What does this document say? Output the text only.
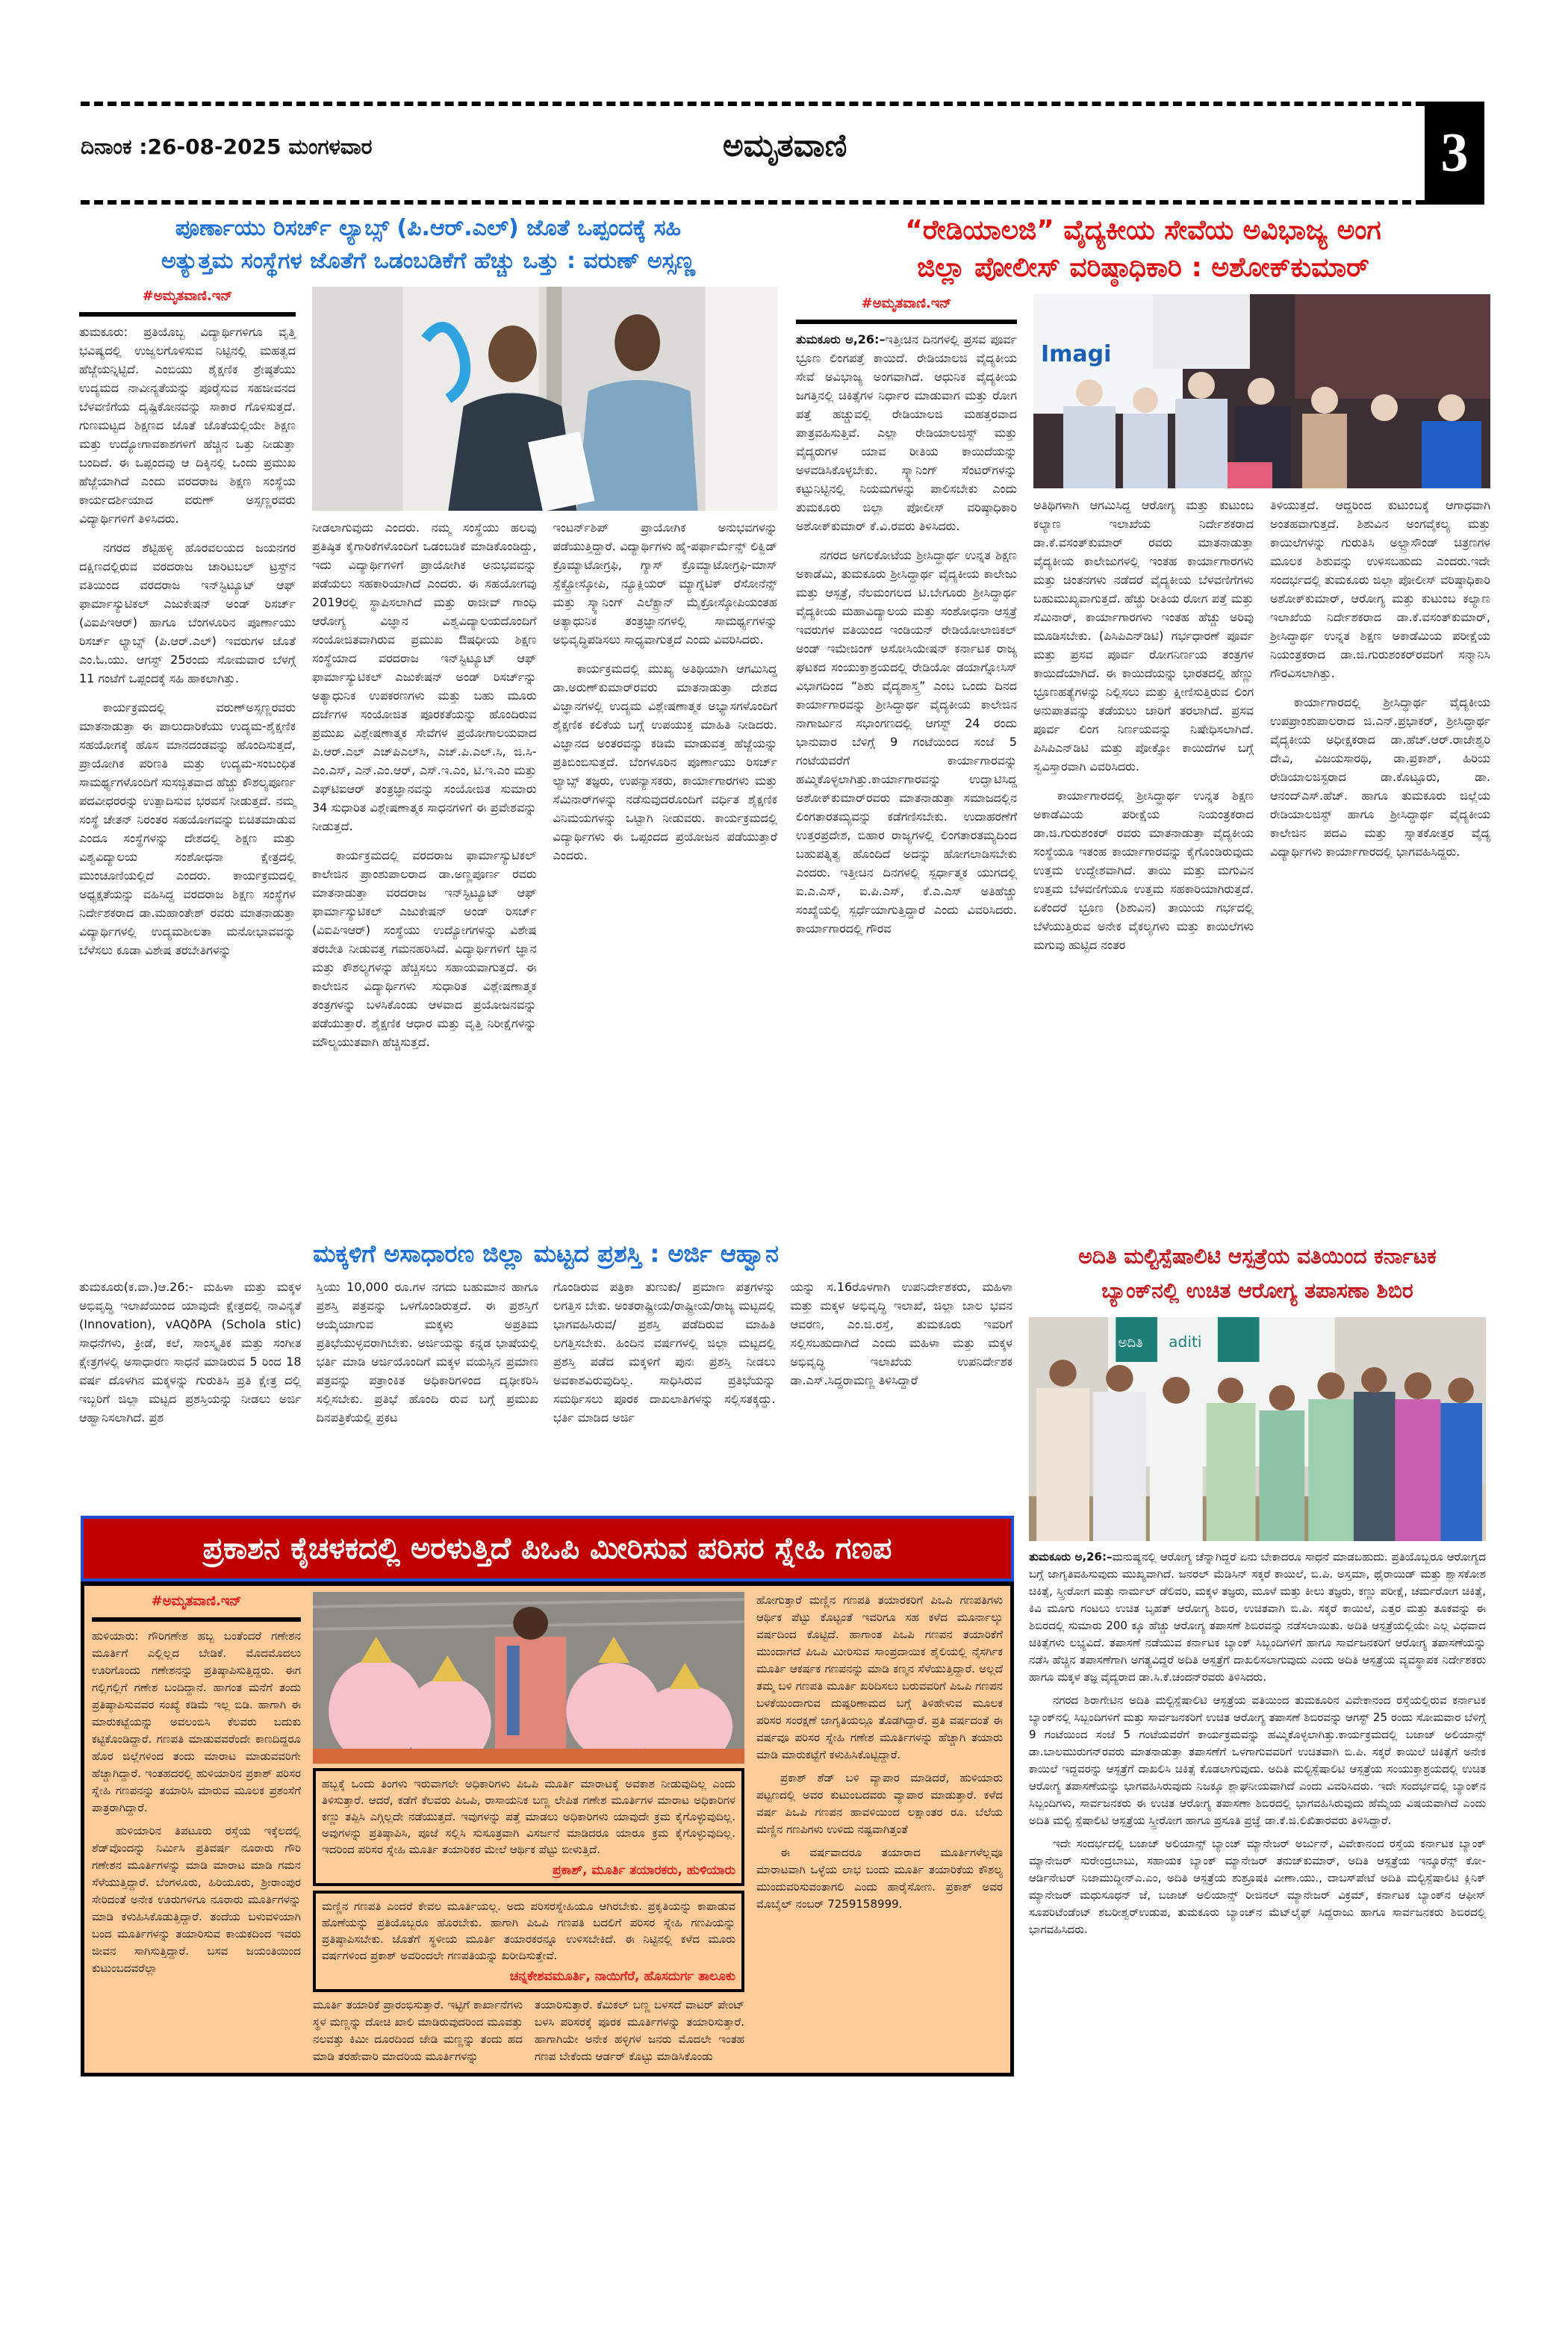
ದಿನಾಂಕ :26-08-2025 ಮಂಗಳವಾರ	ಅಮೃತವಾಣಿ	3
ಪೂರ್ಣಾಯು ರಿಸರ್ಚ್ ಲ್ಯಾಬ್ಸ್ (ಪಿ.ಆರ್.ಎಲ್) ಜೊತೆ ಒಪ್ಪಂದಕ್ಕೆ ಸಹಿ
ಅತ್ಯುತ್ತಮ ಸಂಸ್ಥೆಗಳ ಜೊತೆಗೆ ಒಡಂಬಡಿಕೆಗೆ ಹೆಚ್ಚು ಒತ್ತು : ವರುಣ್ ಅಸ್ಸಣ್ಣ
#ಅಮೃತವಾಣಿ.ಇನ್

ತುಮಕೂರು: ಪ್ರತಿಯೊಬ್ಬ ವಿದ್ಯಾರ್ಥಿಗಳಿಗೂ ವೃತ್ತಿ ಭವಿಷ್ಯದಲ್ಲಿ ಉಜ್ವಲಗೊಳಿಸುವ ನಿಟ್ಟಿನಲ್ಲಿ ಮಹತ್ವದ ಹೆಜ್ಜೆಯನ್ನಿಟ್ಟಿದೆ. ಎಂಬಿಯು ಶೈಕ್ಷಣಿಕ ಶ್ರೇಷ್ಠತೆಯು ಉದ್ಯಮದ ನಾವೀನ್ಯತೆಯನ್ನು ಪೂರೈಸುವ ಸಹಜೀವನದ ಬೆಳವಣಿಗೆಯ ದೃಷ್ಟಿಕೋನವನ್ನು ಸಾಕಾರ ಗೊಳಿಸುತ್ತದೆ. ಗುಣಮಟ್ಟದ ಶಿಕ್ಷಣದ ಜೊತೆ ಜೊತೆಯಲ್ಲಿಯೇ ಶಿಕ್ಷಣ ಮತ್ತು ಉದ್ಯೋಗಾವಕಾಶಗಳಿಗೆ ಹೆಚ್ಚಿನ ಒತ್ತು ನೀಡುತ್ತಾ ಬಂದಿದೆ. ಈ ಒಪ್ಪಂದವು ಆ ದಿಕ್ಕಿನಲ್ಲಿ ಒಂದು ಪ್ರಮುಖ ಹೆಜ್ಜೆಯಾಗಿದೆ ಎಂದು ವರದರಾಜ ಶಿಕ್ಷಣ ಸಂಸ್ಥೆಯ ಕಾರ್ಯದರ್ಶಿಯಾದ ವರುಣ್ ಅಸ್ಸಣ್ಣರವರು ವಿದ್ಯಾರ್ಥಿಗಳಿಗೆ ತಿಳಿಸಿದರು.

ನಗರದ ಶೆಟ್ಟಿಹಳ್ಳಿ ಹೊರವಲಯದ ಜಯನಗರ ದಕ್ಷಿಣದಲ್ಲಿರುವ ವರದರಾಜ ಚಾರಿಟಬಲ್ ಟ್ರಸ್ಟ್‌ನ ವತಿಯಿಂದ ವರದರಾಜ ಇನ್‌ಸ್ಟಿಟ್ಯೂಟ್ ಆಫ್ ಫಾರ್ಮಾಸ್ಯುಟಿಕಲ್ ಎಜುಕೇಷನ್ ಅಂಡ್ ರಿಸರ್ಚ್ (ವಿಐಪಿಇಆರ್) ಹಾಗೂ ಬೆಂಗಳೂರಿನ ಪೂರ್ಣಾಯು ರಿಸರ್ಚ್ ಲ್ಯಾಬ್ಸ್ (ಪಿ.ಆರ್.ಎಲ್) ಇವರುಗಳ ಜೊತೆ ಎಂ.ಓ.ಯು. ಆಗಸ್ಟ್ 25ರಂದು ಸೋಮವಾರ ಬೆಳಗ್ಗೆ 11 ಗಂಟೆಗೆ ಒಪ್ಪಂದಕ್ಕೆ ಸಹಿ ಹಾಕಲಾಗಿತ್ತು.

ಕಾರ್ಯಕ್ರಮದಲ್ಲಿ ವರುಣ್‌ಅಸ್ಸಣ್ಣರವರು ಮಾತನಾಡುತ್ತಾ ಈ ಪಾಲುದಾರಿಕೆಯು ಉದ್ಯಮ-ಶೈಕ್ಷಣಿಕ ಸಹಯೋಗಕ್ಕೆ ಹೊಸ ಮಾನದಂಡವನ್ನು ಹೊಂದಿಸುತ್ತದೆ, ಪ್ರಾಯೋಗಿಕ ಪರಿಣತಿ ಮತ್ತು ಉದ್ಯಮ-ಸಂಬಂಧಿತ ಸಾಮರ್ಥ್ಯಗಳೊಂದಿಗೆ ಸುಸಜ್ಜಿತವಾದ ಹೆಚ್ಚು ಕೌಶಲ್ಯಪೂರ್ಣ ಪದವೀಧರರನ್ನು ಉತ್ಪಾದಿಸುವ ಭರವಸೆ ನೀಡುತ್ತದೆ. ನಮ್ಮ ಸಂಸ್ಥೆ ಚೇತನ್ ನಿರಂತರ ಸಹಯೋಗವನ್ನು ಬಿಚಿತಮಾಡುವ ಎಂದೂ ಸಂಸ್ಥೆಗಳನ್ನು ದೇಶದಲ್ಲಿ ಶಿಕ್ಷಣ ಮತ್ತು ವಿಶ್ವವಿದ್ಯಾಲಯ ಸಂಶೋಧನಾ ಕ್ಷೇತ್ರದಲ್ಲಿ ಮುಂಚೂಣಿಯಲ್ಲಿದೆ ಎಂದರು. ಕಾರ್ಯಕ್ರಮದಲ್ಲಿ ಅಧ್ಯಕ್ಷತೆಯನ್ನು ವಹಿಸಿದ್ದ ವರದರಾಜ ಶಿಕ್ಷಣ ಸಂಸ್ಥೆಗಳ ನಿರ್ದೇಶಕರಾದ ಡಾ.ಮಹಾಂತೇಶ್ ರವರು ಮಾತನಾಡುತ್ತಾ ವಿದ್ಯಾರ್ಥಿಗಳಲ್ಲಿ ಉದ್ಯಮಶೀಲತಾ ಮನೋಭಾವವನ್ನು ಬೆಳೆಸಲು ಕೂಡಾ ವಿಶೇಷ ತರಬೇತಿಗಳನ್ನು

ನೀಡಲಾಗುವುದು ಎಂದರು. ನಮ್ಮ ಸಂಸ್ಥೆಯು ಹಲವು ಪ್ರತಿಷ್ಠಿತ ಕೈಗಾರಿಕೆಗಳೊಂದಿಗೆ ಒಡಂಬಡಿಕೆ ಮಾಡಿಕೊಂಡಿದ್ದು, ಇದು ವಿದ್ಯಾರ್ಥಿಗಳಿಗೆ ಪ್ರಾಯೋಗಿಕ ಅನುಭವವನ್ನು ಪಡೆಯಲು ಸಹಕಾರಿಯಾಗಿದೆ ಎಂದರು. ಈ ಸಹಯೋಗವು 2019ರಲ್ಲಿ ಸ್ಥಾಪಿಸಲಾಗಿದೆ ಮತ್ತು ರಾಜೀವ್ ಗಾಂಧಿ ಆರೋಗ್ಯ ವಿಜ್ಞಾನ ವಿಶ್ವವಿದ್ಯಾಲಯದೊಂದಿಗೆ ಸಂಯೋಜಿತವಾಗಿರುವ ಪ್ರಮುಖ ಔಷಧೀಯ ಶಿಕ್ಷಣ ಸಂಸ್ಥೆಯಾದ ವರದರಾಜ ಇನ್‌ಸ್ಟಿಟ್ಯೂಟ್ ಆಫ್ ಫಾರ್ಮಾಸ್ಯುಟಿಕಲ್ ಎಜುಕೇಷನ್ ಅಂಡ್ ರಿಸರ್ಚ್‌ನ್ನು ಅತ್ಯಾಧುನಿಕ ಉಪಕರಣಗಳು ಮತ್ತು ಬಹು ಮೂರು ದರ್ಜೆಗಳ ಸಂಯೋಜಿತ ಪೂರಕತೆಯನ್ನು ಹೊಂದಿರುವ ಪ್ರಮುಖ ವಿಶ್ಲೇಷಣಾತ್ಮಕ ಸೇವೆಗಳ ಪ್ರಯೋಗಾಲಯವಾದ ಪಿ.ಆರ್.ಎಲ್ ಎಚ್‌ಪಿಎಲ್‌ಸಿ, ಎಚ್.ಪಿ.ಎಲ್.ಸಿ, ಜಿ.ಸಿ-ಎಂ.ಎಸ್, ಎನ್.ಎಂ.ಆರ್, ಎಸ್.ಇ.ಎಂ, ಟಿ.ಇ.ಎಂ ಮತ್ತು ಎಫ್‌ಟಿಐಆರ್ ತಂತ್ರಜ್ಞಾನವನ್ನು ಸಂಯೋಜಿತ ಸುಮಾರು 34 ಸುಧಾರಿತ ವಿಶ್ಲೇಷಣಾತ್ಮಕ ಸಾಧನಗಳಿಗೆ ಈ ಪ್ರವೇಶವನ್ನು ನೀಡುತ್ತದೆ.

ಕಾರ್ಯಕ್ರಮದಲ್ಲಿ ವರದರಾಜ ಫಾರ್ಮಾಸ್ಯುಟಿಕಲ್ ಕಾಲೇಜಿನ ಪ್ರಾಂಶುಪಾಲರಾದ ಡಾ.ಅಣ್ಣಪೂರ್ಣ ರವರು ಮಾತನಾಡುತ್ತಾ ವರದರಾಜ ಇನ್‌ಸ್ಟಿಟ್ಯೂಟ್ ಆಫ್ ಫಾರ್ಮಾಸ್ಯುಟಿಕಲ್ ಎಜುಕೇಷನ್ ಅಂಡ್ ರಿಸರ್ಚ್ (ವಿಐಪಿಇಆರ್) ಸಂಸ್ಥೆಯು ಉದ್ಯೋಗಗಳನ್ನು ವಿಶೇಷ ತರಬೇತಿ ನೀಡುವತ್ತ ಗಮನಹರಿಸಿದೆ. ವಿದ್ಯಾರ್ಥಿಗಳಿಗೆ ಜ್ಞಾನ ಮತ್ತು ಕೌಶಲ್ಯಗಳನ್ನು ಹೆಚ್ಚಿಸಲು ಸಹಾಯವಾಗುತ್ತದೆ. ಈ ಕಾಲೇಜಿನ ವಿದ್ಯಾರ್ಥಿಗಳು ಸುಧಾರಿತ ವಿಶ್ಲೇಷಣಾತ್ಮಕ ತಂತ್ರಗಳನ್ನು ಬಳಸಿಕೊಂಡು ಆಳವಾದ ಪ್ರಯೋಜನವನ್ನು ಪಡೆಯುತ್ತಾರೆ. ಶೈಕ್ಷಣಿಕ ಆಧಾರ ಮತ್ತು ವೃತ್ತಿ ನಿರೀಕ್ಷೆಗಳನ್ನು ಮೌಲ್ಯಯುತವಾಗಿ ಹೆಚ್ಚಿಸುತ್ತದೆ.

ಇಂಟರ್ನ್‌ಶಿಪ್ ಪ್ರಾಯೋಗಿಕ ಅನುಭವಗಳನ್ನು ಪಡೆಯುತ್ತಿದ್ದಾರೆ. ವಿದ್ಯಾರ್ಥಿಗಳು ಹೈ-ಪರ್ಫಾರ್ಮೆನ್ಸ್ ಲಿಕ್ವಿಡ್ ಕ್ರೊಮ್ಯಾಟೋಗ್ರಫಿ, ಗ್ಯಾಸ್ ಕ್ರೊಮ್ಯಾಟೋಗ್ರಫಿ-ಮಾಸ್ ಸ್ಪೆಕ್ಟ್ರೋಸ್ಕೋಪಿ, ನ್ಯೂಕ್ಲಿಯರ್ ಮ್ಯಾಗ್ನೆಟಿಕ್ ರೆಸೋನೆನ್ಸ್ ಮತ್ತು ಸ್ಕ್ಯಾನಿಂಗ್ ಎಲೆಕ್ಟ್ರಾನ್ ಮೈಕ್ರೋಸ್ಕೋಪಿಯಂತಹ ಅತ್ಯಾಧುನಿಕ ತಂತ್ರಜ್ಞಾನಗಳಲ್ಲಿ ಸಾಮರ್ಥ್ಯಗಳನ್ನು ಅಭಿವೃದ್ಧಿಪಡಿಸಲು ಸಾಧ್ಯವಾಗುತ್ತದೆ ಎಂದು ವಿವರಿಸಿದರು.

ಕಾರ್ಯಕ್ರಮದಲ್ಲಿ ಮುಖ್ಯ ಅತಿಥಿಯಾಗಿ ಆಗಮಿಸಿದ್ದ ಡಾ.ಅರುಣ್‌ಕುಮಾರ್‌ರವರು ಮಾತನಾಡುತ್ತಾ ದೇಶದ ವಿಜ್ಞಾನಗಳಲ್ಲಿ ಉದ್ಯಮ ವಿಶ್ಲೇಷಣಾತ್ಮಕ ಅಭ್ಯಾಸಗಳೊಂದಿಗೆ ಶೈಕ್ಷಣಿಕ ಕಲಿಕೆಯ ಬಗ್ಗೆ ಉಪಯುಕ್ತ ಮಾಹಿತಿ ನೀಡಿದರು. ವಿಜ್ಞಾನದ ಅಂತರವನ್ನು ಕಡಿಮೆ ಮಾಡುವತ್ತ ಹೆಜ್ಜೆಯನ್ನು ಪ್ರತಿಬಿಂಬಿಸುತ್ತದೆ. ಬೆಂಗಳೂರಿನ ಪೂರ್ಣಾಯು ರಿಸರ್ಚ್ ಲ್ಯಾಬ್ಸ್ ತಜ್ಞರು, ಉಪನ್ಯಾಸಕರು, ಕಾರ್ಯಾಗಾರಗಳು ಮತ್ತು ಸೆಮಿನಾರ್‌ಗಳನ್ನು ನಡೆಸುವುದರೊಂದಿಗೆ ವರ್ಧಿತ ಶೈಕ್ಷಣಿಕ ವಿನಿಮಯಗಳನ್ನು ಒಟ್ಟಾಗಿ ನೀಡುವರು. ಕಾರ್ಯಕ್ರಮದಲ್ಲಿ ವಿದ್ಯಾರ್ಥಿಗಳು ಈ ಒಪ್ಪಂದದ ಪ್ರಯೋಜನ ಪಡೆಯುತ್ತಾರೆ ಎಂದರು.

“ರೇಡಿಯಾಲಜಿ” ವೈದ್ಯಕೀಯ ಸೇವೆಯ ಅವಿಭಾಜ್ಯ ಅಂಗ
ಜಿಲ್ಲಾ ಪೋಲೀಸ್ ವರಿಷ್ಠಾಧಿಕಾರಿ : ಅಶೋಕ್‌ಕುಮಾರ್
#ಅಮೃತವಾಣಿ.ಇನ್

ತುಮಕೂರು ಅ,26:–ಇತ್ತೀಚಿನ ದಿನಗಳಲ್ಲಿ ಪ್ರಸವ ಪೂರ್ವ ಭ್ರೂಣ ಲಿಂಗಪತ್ತೆ ಕಾಯಿದೆ. ರೇಡಿಯಾಲಜಿ ವೈದ್ಯಕೀಯ ಸೇವೆ ಅವಿಭಾಜ್ಯ ಅಂಗವಾಗಿದೆ. ಆಧುನಿಕ ವೈದ್ಯಕೀಯ ಜಗತ್ತಿನಲ್ಲಿ ಚಿಕಿತ್ಸೆಗಳ ನಿರ್ಧಾರ ಮಾಡುವಾಗ ಮತ್ತು ರೋಗ ಪತ್ತೆ ಹಚ್ಚುವಲ್ಲಿ ರೇಡಿಯಾಲಜಿ ಮಹತ್ತರವಾದ ಪಾತ್ರವಹಿಸುತ್ತಿವೆ. ಎಲ್ಲಾ ರೇಡಿಯಾಲಜಿಸ್ಟ್ ಮತ್ತು ವೈದ್ಯರುಗಳ ಯಾವ ರೀತಿಯ ಕಾಯಿದೆಯನ್ನು ಅಳವಡಿಸಿಕೊಳ್ಳಬೇಕು. ಸ್ಕ್ಯಾನಿಂಗ್ ಸೆಂಟರ್‌ಗಳನ್ನು ಕಟ್ಟುನಿಟ್ಟಿನಲ್ಲಿ ನಿಯಮಗಳನ್ನು ಪಾಲಿಸಬೇಕು ಎಂದು ತುಮಕೂರು ಜಿಲ್ಲಾ ಪೋಲೀಸ್ ವರಿಷ್ಠಾಧಿಕಾರಿ ಅಶೋಕ್‌ಕುಮಾರ್ ಕೆ.ವಿ.ರವರು ತಿಳಿಸಿದರು.

ನಗರದ ಅಗಲಕೋಟೆಯ ಶ್ರೀಸಿದ್ಧಾರ್ಥ ಉನ್ನತ ಶಿಕ್ಷಣ ಅಕಾಡೆಮಿ, ತುಮಕೂರು ಶ್ರೀಸಿದ್ಧಾರ್ಥ ವೈದ್ಯಕೀಯ ಕಾಲೇಜು ಮತ್ತು ಆಸ್ಪತ್ರೆ, ನೆಲಮಂಗಲದ ಟಿ.ಬೇಗೂರು ಶ್ರೀಸಿದ್ಧಾರ್ಥ ವೈದ್ಯಕೀಯ ಮಹಾವಿದ್ಯಾಲಯ ಮತ್ತು ಸಂಶೋಧನಾ ಆಸ್ಪತ್ರೆ ಇವರುಗಳ ವತಿಯಿಂದ ಇಂಡಿಯನ್ ರೇಡಿಯೋಲಾಜಿಕಲ್ ಅಂಡ್ ಇಮೇಜಿಂಗ್ ಅಸೋಸಿಯೇಷನ್ ಕರ್ನಾಟಕ ರಾಜ್ಯ ಘಟಕದ ಸಂಯುಕ್ತಾಶ್ರಯದಲ್ಲಿ ರೇಡಿಯೋ ಡಯಾಗ್ನೋಸಿಸ್ ವಿಭಾಗದಿಂದ “ಶಿಶು ವೈದ್ಯಶಾಸ್ತ್ರ” ಎಂಬ ಒಂದು ದಿನದ ಕಾರ್ಯಾಗಾರವನ್ನು ಶ್ರೀಸಿದ್ಧಾರ್ಥ ವೈದ್ಯಕೀಯ ಕಾಲೇಜಿನ ನಾಗಾರ್ಜುನ ಸಭಾಂಗಣದಲ್ಲಿ ಆಗಸ್ಟ್ 24 ರಂದು ಭಾನುವಾರ ಬೆಳಿಗ್ಗೆ 9 ಗಂಟೆಯಿಂದ ಸಂಜೆ 5 ಗಂಟೆಯವರೆಗೆ ಕಾರ್ಯಾಗಾರವನ್ನು ಹಮ್ಮಿಕೊಳ್ಳಲಾಗಿತ್ತು.ಕಾರ್ಯಾಗಾರವನ್ನು ಉದ್ಘಾಟಿಸಿದ್ದ ಅಶೋಕ್‌ಕುಮಾರ್‌ರವರು ಮಾತನಾಡುತ್ತಾ ಸಮಾಜದಲ್ಲಿನ ಲಿಂಗತಾರತಮ್ಯವನ್ನು ಕಡೆಗಣಿಸಬೇಕು. ಉದಾಹರಣೆಗೆ ಉತ್ತರಪ್ರದೇಶ, ಬಿಹಾರ ರಾಜ್ಯಗಳಲ್ಲಿ ಲಿಂಗತಾರತಮ್ಯದಿಂದ ಬಹುಪತ್ನಿತ್ವ ಹೊಂದಿದೆ ಅದನ್ನು ಹೋಗಲಾಡಿಸಬೇಕು ಎಂದರು. ಇತ್ತೀಚಿನ ದಿನಗಳಲ್ಲಿ ಸ್ಪರ್ಧಾತ್ಮಕ ಯುಗದಲ್ಲಿ ಐ.ಎ.ಎಸ್, ಐ.ಪಿ.ಎಸ್, ಕೆ.ಎ.ಎಸ್ ಅತಿಹೆಚ್ಚು ಸಂಖ್ಯೆಯಲ್ಲಿ ಸ್ಪರ್ಧೆಯಾಗುತ್ತಿದ್ದಾರೆ ಎಂದು ವಿವರಿಸಿದರು. ಕಾರ್ಯಾಗಾರದಲ್ಲಿ ಗೌರವ

Imagi

ಅತಿಥಿಗಳಾಗಿ ಆಗಮಿಸಿದ್ದ ಆರೋಗ್ಯ ಮತ್ತು ಕುಟುಂಬ ಕಲ್ಯಾಣ ಇಲಾಖೆಯ ನಿರ್ದೇಶಕರಾದ ಡಾ.ಕೆ.ವಸಂತ್‌ಕುಮಾರ್ ರವರು ಮಾತನಾಡುತ್ತಾ ವೈದ್ಯಕೀಯ ಕಾಲೇಜುಗಳಲ್ಲಿ ಇಂತಹ ಕಾರ್ಯಾಗಾರಗಳು ಮತ್ತು ಚಿಂತನಗಳು ನಡೆದರೆ ವೈದ್ಯಕೀಯ ಬೆಳವಣಿಗೆಗಳು ಬಹುಮುಖ್ಯವಾಗುತ್ತದೆ. ಹೆಚ್ಚು ರೀತಿಯ ರೋಗ ಪತ್ತೆ ಮತ್ತು ಸೆಮಿನಾರ್, ಕಾರ್ಯಾಗಾರಗಳು ಇಂತಹ ಹೆಚ್ಚು ಅರಿವು ಮೂಡಿಸಬೇಕು. (ಪಿಸಿಪಿಎನ್‌ಡಿಟಿ) ಗರ್ಭಧಾರಣೆ ಪೂರ್ವ ಮತ್ತು ಪ್ರಸವ ಪೂರ್ವ ರೋಗನಿರ್ಣಯ ತಂತ್ರಗಳ ಕಾಯಿದೆಯಾಗಿದೆ. ಈ ಕಾಯಿದೆಯನ್ನು ಭಾರತದಲ್ಲಿ ಹೆಣ್ಣು ಭ್ರೂಣಹತ್ಯೆಗಳನ್ನು ನಿಲ್ಲಿಸಲು ಮತ್ತು ಕ್ಷೀಣಿಸುತ್ತಿರುವ ಲಿಂಗ ಅನುಪಾತವನ್ನು ತಡೆಯಲು ಜಾರಿಗೆ ತರಲಾಗಿದೆ. ಪ್ರಸವ ಪೂರ್ವ ಲಿಂಗ ನಿರ್ಣಯವನ್ನು ನಿಷೇಧಿಸಲಾಗಿದೆ. ಪಿಸಿಪಿಎನ್‌ಡಿಟಿ ಮತ್ತು ಪೋಕ್ಸೋ ಕಾಯಿದೆಗಳ ಬಗ್ಗೆ ಸ್ವವಿಸ್ತಾರವಾಗಿ ವಿವರಿಸಿದರು.

ಕಾರ್ಯಾಗಾರದಲ್ಲಿ ಶ್ರೀಸಿದ್ಧಾರ್ಥ ಉನ್ನತ ಶಿಕ್ಷಣ ಅಕಾಡೆಮಿಯ ಪರೀಕ್ಷೆಯ ನಿಯಂತ್ರಕರಾದ ಡಾ.ಜಿ.ಗುರುಶಂಕರ್ ರವರು ಮಾತನಾಡುತ್ತಾ ವೈದ್ಯಕೀಯ ಸಂಸ್ಥೆಯೂ ಇತಂಹ ಕಾರ್ಯಾಗಾರವನ್ನು ಕೈಗೊಂಡಿರುವುದು ಉತ್ತಮ ಉದ್ದೇಶವಾಗಿದೆ. ತಾಯಿ ಮತ್ತು ಮಗುವಿನ ಉತ್ತಮ ಬೆಳವಣಿಗೆಯೂ ಉತ್ತಮ ಸಹಕಾರಿಯಾಗಿರುತ್ತದೆ. ಏಕೆಂದರೆ ಭ್ರೂಣ (ಶಿಶುವಿನ) ತಾಯಿಯ ಗರ್ಭದಲ್ಲಿ ಬೆಳೆಯುತ್ತಿರುವ ಅನೇಕ ವೈಕಲ್ಯಗಳು ಮತ್ತು ಕಾಯಿಲೆಗಳು ಮಗುವು ಹುಟ್ಟಿದ ನಂತರ

ತಿಳಿಯುತ್ತದೆ. ಆದ್ದರಿಂದ ಕುಟುಂಬಕ್ಕೆ ಆಗಾಧವಾಗಿ ಅಂತಹವಾಗುತ್ತದೆ. ಶಿಶುವಿನ ಅಂಗವೈಕಲ್ಯ ಮತ್ತು ಕಾಯಿಲೆಗಳನ್ನು ಗುರುತಿಸಿ ಅಲ್ಟ್ರಾಸೌಂಡ್ ಚಿತ್ರಣಗಳ ಮೂಲಕ ಶಿಶುವನ್ನು ಉಳಿಸಬಹುದು ಎಂದರು.ಇದೇ ಸಂದರ್ಭದಲ್ಲಿ ತುಮಕೂರು ಜಿಲ್ಲಾ ಪೋಲೀಸ್ ವರಿಷ್ಠಾಧಿಕಾರಿ ಅಶೋಕ್‌ಕುಮಾರ್, ಆರೋಗ್ಯ ಮತ್ತು ಕುಟುಂಬ ಕಲ್ಯಾಣ ಇಲಾಖೆಯ ನಿರ್ದೇಶಕರಾದ ಡಾ.ಕೆ.ವಸಂತ್‌ಕುಮಾರ್, ಶ್ರೀಸಿದ್ಧಾರ್ಥ ಉನ್ನತ ಶಿಕ್ಷಣ ಅಕಾಡೆಮಿಯ ಪರೀಕ್ಷೆಯ ನಿಯಂತ್ರಕರಾದ ಡಾ.ಜಿ.ಗುರುಶಂಕರ್‌ರವರಿಗೆ ಸನ್ಮಾನಿಸಿ ಗೌರವಿಸಲಾಗಿತ್ತು.

ಕಾರ್ಯಾಗಾರದಲ್ಲಿ ಶ್ರೀಸಿದ್ಧಾರ್ಥ ವೈದ್ಯಕೀಯ ಉಪಪ್ರಾಂಶುಪಾಲರಾದ ಜಿ.ಎನ್.ಪ್ರಭಾಕರ್, ಶ್ರೀಸಿದ್ಧಾರ್ಥ ವೈದ್ಯಕೀಯ ಅಧೀಕ್ಷಕರಾದ ಡಾ.ಹೆಚ್.ಆರ್.ರಾಜೇಶ್ವರಿ ದೇವಿ, ವಿಜಯಸಾರಥಿ, ಡಾ.ಪ್ರಕಾಶ್, ಹಿರಿಯ ರೇಡಿಯಾಲಜಿಸ್ಟರಾದ ಡಾ.ಕೊಟ್ಟೂರು, ಡಾ. ಆನಂದ್‌ಎಸ್.ಹೆಚ್. ಹಾಗೂ ತುಮಕೂರು ಜಿಲ್ಲೆಯ ರೇಡಿಯಾಲಜಿಸ್ಟ್ ಹಾಗೂ ಶ್ರೀಸಿದ್ಧಾರ್ಥ ವೈದ್ಯಕೀಯ ಕಾಲೇಜಿನ ಪದವಿ ಮತ್ತು ಸ್ನಾತಕೋತ್ತರ ವೈದ್ಯ ವಿದ್ಯಾರ್ಥಿಗಳು ಕಾರ್ಯಾಗಾರದಲ್ಲಿ ಭಾಗವಹಿಸಿದ್ದರು.

ಮಕ್ಕಳಿಗೆ ಅಸಾಧಾರಣ ಜಿಲ್ಲಾ ಮಟ್ಟದ ಪ್ರಶಸ್ತಿ : ಅರ್ಜಿ ಆಹ್ವಾನ
ತುಮಕೂರು(ಕ.ವಾ.)ಆ.26:- ಮಹಿಳಾ ಮತ್ತು ಮಕ್ಕಳ ಅಭಿವೃದ್ಧಿ ಇಲಾಖೆಯಿಂದ ಯಾವುದೇ ಕ್ಷೇತ್ರದಲ್ಲಿ ನಾವಿನ್ಯತೆ (Innovation), vAQðPA (Schola stic) ಸಾಧನೆಗಳು, ಕ್ರೀಡೆ, ಕಲೆ, ಸಾಂಸ್ಕೃತಿಕ ಮತ್ತು ಸಂಗೀತ ಕ್ಷೇತ್ರಗಳಲ್ಲಿ ಅಸಾಧಾರಣ ಸಾಧನೆ ಮಾಡಿರುವ 5 ರಿಂದ 18 ವರ್ಷ ದೊಳಗಿನ ಮಕ್ಕಳನ್ನು ಗುರುತಿಸಿ ಪ್ರತಿ ಕ್ಷೇತ್ರ ದಲ್ಲಿ ಇಬ್ಬರಿಗೆ ಜಿಲ್ಲಾ ಮಟ್ಟದ ಪ್ರಶಸ್ತಿಯನ್ನು ನೀಡಲು ಅರ್ಜಿ ಆಹ್ವಾನಿಸಲಾಗಿದೆ. ಪ್ರಶ
ಸ್ತಿಯು 10,000 ರೂ.ಗಳ ನಗದು ಬಹುಮಾನ ಹಾಗೂ ಪ್ರಶಸ್ತಿ ಪತ್ರವನ್ನು ಒಳಗೊಂಡಿರುತ್ತದೆ. ಈ ಪ್ರಶಸ್ತಿಗೆ ಆಯ್ಕೆಯಾಗುವ ಮಕ್ಕಳು ಅಪ್ರತಿಮ ಪ್ರತಿಭೆಯುಳ್ಳವರಾಗಿಬೇಕು. ಅರ್ಜಿಯನ್ನು ಕನ್ನಡ ಭಾಷೆಯಲ್ಲಿ ಭರ್ತಿ ಮಾಡಿ ಅರ್ಜಿಯೊಂದಿಗೆ ಮಕ್ಕಳ ವಯಸ್ಸಿನ ಪ್ರಮಾಣ ಪತ್ರವನ್ನು ಪತ್ರಾಂಕಿತ ಅಧಿಕಾರಿಗಳಿಂದ ದೃಢೀಕರಿಸಿ ಸಲ್ಲಿಸಬೇಕು. ಪ್ರತಿಭೆ ಹೊಂದಿ ರುವ ಬಗ್ಗೆ ಪ್ರಮುಖ ದಿನಪತ್ರಿಕೆಯಲ್ಲಿ ಪ್ರಕಟ
ಗೊಂಡಿರುವ ಪತ್ರಿಕಾ ತುಣುಕು/ ಪ್ರಮಾಣ ಪತ್ರಗಳನ್ನು ಲಗತ್ತಿಸ ಬೇಕು. ಅಂತರಾಷ್ಟ್ರೀಯ/ರಾಷ್ಟ್ರೀಯ/ರಾಜ್ಯ ಮಟ್ಟದಲ್ಲಿ ಭಾಗವಹಿಸಿರುವ/ ಪ್ರಶಸ್ತಿ ಪಡೆದಿರುವ ಮಾಹಿತಿ ಲಗತ್ತಿಸಬೇಕು. ಹಿಂದಿನ ವರ್ಷಗಳಲ್ಲಿ ಜಿಲ್ಲಾ ಮಟ್ಟದಲ್ಲಿ ಪ್ರಶಸ್ತಿ ಪಡೆದ ಮಕ್ಕಳಿಗೆ ಪುನಃ ಪ್ರಶಸ್ತಿ ನೀಡಲು ಅವಕಾಶವಿರುವುದಿಲ್ಲ. ಸಾಧಿಸಿರುವ ಪ್ರತಿಭೆಯನ್ನು ಸಮರ್ಥಿಸಲು ಪೂರಕ ದಾಖಲಾತಿಗಳನ್ನು ಸಲ್ಲಿಸತಕ್ಕದ್ದು. ಭರ್ತಿ ಮಾಡಿದ ಅರ್ಜಿ
ಯನ್ನು ಸ.16ರೊಳಗಾಗಿ ಉಪನಿರ್ದೇಶಕರು, ಮಹಿಳಾ ಮತ್ತು ಮಕ್ಕಳ ಅಭಿವೃದ್ಧಿ ಇಲಾಖೆ, ಜಿಲ್ಲಾ ಬಾಲ ಭವನ ಆವರಣ, ಎಂ.ಜಿ.ರಸ್ತೆ, ತುಮಕೂರು ಇವರಿಗೆ ಸಲ್ಲಿಸಬಹುದಾಗಿದೆ ಎಂದು ಮಹಿಳಾ ಮತ್ತು ಮಕ್ಕಳ ಅಭಿವೃದ್ಧಿ ಇಲಾಖೆಯ ಉಪನಿರ್ದೇಶಕ ಡಾ.ಎಸ್.ಸಿದ್ದರಾಮಣ್ಣ ತಿಳಿಸಿದ್ದಾರೆ
ಅದಿತಿ ಮಲ್ಟಿಸ್ಪೆಷಾಲಿಟಿ ಆಸ್ಪತ್ರೆಯ ವತಿಯಿಂದ ಕರ್ನಾಟಕ
ಬ್ಯಾಂಕ್‌ನಲ್ಲಿ ಉಚಿತ ಆರೋಗ್ಯ ತಪಾಸಣಾ ಶಿಬಿರ
ಅದಿತಿ aditi

ತುಮಕೂರು ಅ,26:–ಮನುಷ್ಯನಲ್ಲಿ ಆರೋಗ್ಯ ಚೆನ್ನಾಗಿದ್ದರೆ ಏನು ಬೇಕಾದರೂ ಸಾಧನೆ ಮಾಡಬಹುದು. ಪ್ರತಿಯೊಬ್ಬರೂ ಆರೋಗ್ಯದ ಬಗ್ಗೆ ಜಾಗೃತಿವಹಿಸುವುದು ಮುಖ್ಯವಾಗಿದೆ. ಜನರಲ್ ಮೆಡಿಸಿನ್ ಸಕ್ಕರೆ ಕಾಯಿಲೆ, ಬಿ.ಪಿ. ಅಸ್ತಮಾ, ಥೈರಾಯಿಡ್ ಮತ್ತು ಶ್ವಾಸಕೋಶ ಚಿಕಿತ್ಸೆ, ಸ್ತ್ರೀರೋಗ ಮತ್ತು ನಾರ್ಮಲ್ ಡೆಲಿವರಿ, ಮಕ್ಕಳ ತಜ್ಞರು, ಮೂಳೆ ಮತ್ತು ಕೀಲು ತಜ್ಞರು, ಕಣ್ಣು ಪರೀಕ್ಷೆ, ಚರ್ಮರೋಗ ಚಿಕಿತ್ಸೆ, ಕಿವಿ ಮೂಗು ಗಂಟಲು ಉಚಿತ ಬೃಹತ್ ಆರೋಗ್ಯ ಶಿಬಿರ, ಉಚಿತವಾಗಿ ಬಿ.ಪಿ. ಸಕ್ಕರೆ ಕಾಯಿಲೆ, ಎತ್ತರ ಮತ್ತು ತೂಕವನ್ನು ಈ ಶಿಬಿರದಲ್ಲಿ ಸುಮಾರು 200 ಕ್ಕೂ ಹೆಚ್ಚು ಆರೋಗ್ಯ ತಪಾಸಣೆ ಶಿಬಿರವನ್ನು ನಡೆಸಲಾಯಿತು. ಅದಿತಿ ಆಸ್ಪತ್ರೆಯಲ್ಲಿಯೇ ಎಲ್ಲ ವಿಧವಾದ ಚಿಕಿತ್ಸೆಗಳು ಲಭ್ಯವಿದೆ. ತಪಾಸಣೆ ನಡೆಯುವ ಕರ್ನಾಟಕ ಬ್ಯಾಂಕ್ ಸಿಬ್ಬಂದಿಗಳಿಗೆ ಹಾಗೂ ಸಾರ್ವಜನಕರಿಗೆ ಆರೋಗ್ಯ ತಪಾಸಣೆಯನ್ನು ನಡೆಸಿ ಹೆಚ್ಚಿನ ತಪಾಸಣೆಗಾಗಿ ಅಗತ್ಯವಿದ್ದರೆ ಅದಿತಿ ಆಸ್ಪತ್ರೆಗೆ ದಾಖಲಿಸಲಾಗುವುದು ಎಂದು ಅದಿತಿ ಆಸ್ಪತ್ರೆಯ ವ್ಯವಸ್ಥಾಪಕ ನಿರ್ದೇಶಕರು ಹಾಗೂ ಮಕ್ಕಳ ತಜ್ಞ ವೈದ್ಯರಾದ ಡಾ.ಸಿ.ಕೆ.ಚಂದನ್‌ರವರು ತಿಳಿಸಿದರು.

ನಗರದ ಶಿರಾಗೇಟಿನ ಅದಿತಿ ಮಲ್ಟಿಸ್ಪೆಷಾಲಿಟಿ ಆಸ್ಪತ್ರೆಯ ವತಿಯಿಂದ ತುಮಕೂರಿನ ವಿವೇಕಾನಂದ ರಸ್ತೆಯಲ್ಲಿರುವ ಕರ್ನಾಟಕ ಬ್ಯಾಂಕ್‌ನಲ್ಲಿ ಸಿಬ್ಬಂದಿಗಳಿಗೆ ಮತ್ತು ಸಾರ್ವಜನಕರಿಗೆ ಉಚಿತ ಆರೋಗ್ಯ ತಪಾಸಣೆ ಶಿಬಿರವನ್ನು ಆಗಸ್ಟ್ 25 ರಂದು ಸೋಮವಾರ ಬೆಳಿಗ್ಗೆ 9 ಗಂಟೆಯಿಂದ ಸಂಜೆ 5 ಗಂಟೆಯವರೆಗೆ ಕಾರ್ಯಕ್ರಮವನ್ನು ಹಮ್ಮಿಕೊಳ್ಳಲಾಗಿತ್ತು.ಕಾರ್ಯಕ್ರಮದಲ್ಲಿ ಬಜಾಜ್ ಅಲಿಯಾನ್ಸ್ ಡಾ.ಬಾಲಮುರುಗನ್‌ರವರು ಮಾತನಾಡುತ್ತಾ ತಪಾಸಣೆಗೆ ಒಳಗಾಗುವವರಿಗೆ ಉಚಿತವಾಗಿ ಬಿ.ಪಿ. ಸಕ್ಕರೆ ಕಾಯಿಲೆ ಚಿಕಿತ್ಸೆಗೆ ಅನೇಕ ಕಾಯಿಲೆ ಇದ್ದವರನ್ನು ಆಸ್ಪತ್ರೆಗೆ ದಾಖಲಿಸಿ ಚಿಕಿತ್ಸೆ ಕೊಡಲಾಗುವುದು. ಅದಿತಿ ಮಲ್ಟಿಸ್ಪೆಷಾಲಿಟಿ ಆಸ್ಪತ್ರೆಯ ಸಂಯುಕ್ತಾಶ್ರಯದಲ್ಲಿ ಉಚಿತ ಆರೋಗ್ಯ ತಪಾಸಣೆಯನ್ನು ಭಾಗವಹಿಸಿರುವುದು ನಿಜಕ್ಕೂ ಶ್ಲಾಘನೀಯವಾಗಿದೆ ಎಂದು ವಿವರಿಸಿದರು. ಇದೇ ಸಂದರ್ಭದಲ್ಲಿ ಬ್ಯಾಂಕ್‌ನ ಸಿಬ್ಬಂದಿಗಳು, ಸಾರ್ವಜನಕರು ಈ ಉಚಿತ ಆರೋಗ್ಯ ತಪಾಸಣಾ ಶಿಬಿರದಲ್ಲಿ ಭಾಗವಹಿಸಿರುವುದು ಹೆಮ್ಮೆಯ ವಿಷಯವಾಗಿದೆ ಎಂದು ಅದಿತಿ ಮಲ್ಟಿ ಸ್ಪೆಷಾಲಿಟಿ ಆಸ್ಪತ್ರೆಯ ಸ್ತ್ರೀರೋಗ ಹಾಗೂ ಪ್ರಸೂತಿ ಪ್ರಜ್ಞೆ ಡಾ.ಕೆ.ಜಿ.ಲಿಖಿತಾರವರು ತಿಳಿಸಿದ್ದಾರೆ.

ಇದೇ ಸಂದರ್ಭದಲ್ಲಿ ಬಜಾಜ್ ಅಲಿಯಾನ್ಸ್ ಬ್ಯಾಂಚ್ ಮ್ಯಾನೇಜರ್ ಅರ್ಜುನ್, ವಿವೇಕಾನಂದ ರಸ್ತೆಯ ಕರ್ನಾಟಕ ಬ್ಯಾಂಕ್ ಮ್ಯಾನೇಜರ್ ಸುರೇಂದ್ರಬಾಬು, ಸಹಾಯಕ ಬ್ಯಾಂಕ್ ಮ್ಯಾನೇಜರ್ ತನುಜ್‌ಕುಮಾರ್, ಅದಿತಿ ಆಸ್ಪತ್ರೆಯ ಇನ್ಶೂರೆನ್ಸ್ ಕೋ-ಆರ್ಡಿನೇಟರ್ ನಿಜಾಮುದ್ದೀನ್‌ಎ.ಎಂ, ಅದಿತಿ ಆಸ್ಪತ್ರೆಯ ಶುಶ್ರೂಷಕಿ ವೀಣಾ.ಯು., ದಾಬಸ್‌ಪೇಟೆ ಅದಿತಿ ಮಲ್ಟಿಸ್ಪೆಷಾಲಿಟಿ ಕ್ಲಿನಿಕ್ ಮ್ಯಾನೇಜರ್ ಮಧುಸೂಧನ್ ಜೆ, ಬಜಾಜ್ ಅಲಿಯಾನ್ಸ್ ರೀಜಿನಲ್ ಮ್ಯಾನೇಜರ್ ವಿಕ್ರಮ್, ಕರ್ನಾಟಕ ಬ್ಯಾಂಕ್‌ನ ಆಫೀಸ್ ಸೂಪರಿಟೆಂಡೆಂಟ್ ಶಬರೀಶ್ವರ್‌ಉಡುಪ, ತುಮಕೂರು ಬ್ಯಾಂಚ್‌ನ ಮೆಟ್‌ಲೈಫ್ ಸಿದ್ದರಾಜು ಹಾಗೂ ಸಾರ್ವಜನಕರು ಶಿಬಿರದಲ್ಲಿ ಭಾಗವಹಿಸಿದರು.

ಪ್ರಕಾಶನ ಕೈಚಳಕದಲ್ಲಿ ಅರಳುತ್ತಿದೆ ಪಿಒಪಿ ಮೀರಿಸುವ ಪರಿಸರ ಸ್ನೇಹಿ ಗಣಪ
#ಅಮೃತವಾಣಿ.ಇನ್

ಹುಳಿಯಾರು: ಗೌರಿಗಣೇಶ ಹಬ್ಬ ಬಂತೆಂದರೆ ಗಣೇಶನ ಮೂರ್ತಿಗೆ ಎಲ್ಲಿಲ್ಲದ ಬೇಡಿಕೆ. ಮೊದಮೊದಲು ಊರಿಗೊಂದು ಗಣೇಶನನ್ನು ಪ್ರತಿಷ್ಠಾಪಿಸುತ್ತಿದ್ದರು. ಈಗ ಗಲ್ಲಿಗಲ್ಲಿಗೆ ಗಣೇಶ ಬಂದಿದ್ದಾನೆ. ಹಾಗಂತ ಮನೆಗೆ ತಂದು ಪ್ರತಿಷ್ಠಾಪಿಸುವವರ ಸಂಖ್ಯೆ ಕಡಿಮೆ ಇಲ್ಲ ಬಿಡಿ. ಹಾಗಾಗಿ ಈ ಮಾರುಕಟ್ಟೆಯನ್ನು ಅವಲಂಬಿಸಿ ಕೆಲವರು ಬದುಕು ಕಟ್ಟಿಕೊಂಡಿದ್ದಾರೆ. ಗಣಪತಿ ಮಾಡುವವರೆಂದೇ ಕಾಣದಿದ್ದರೂ ಹೊರ ಜಿಲ್ಲೆಗಳಿಂದ ತಂದು ಮಾರಾಟ ಮಾಡುವವರಿಗೇ ಹೆಚ್ಚಾಗಿದ್ದಾರೆ. ಇಂತಹದರಲ್ಲಿ ಹುಳಿಯಾರಿನ ಪ್ರಕಾಶ್ ಪರಿಸರ ಸ್ನೇಹಿ ಗಣಪನನ್ನು ತಯಾರಿಸಿ ಮಾರುವ ಮೂಲಕ ಪ್ರಶಂಸೆಗೆ ಪಾತ್ರರಾಗಿದ್ದಾರೆ.

ಹುಳಿಯಾರಿನ ತಿಪಟೂರು ರಸ್ತೆಯ ಇಕ್ಕೆಲದಲ್ಲಿ ಶೆಡ್‌ವೊಂದನ್ನು ನಿರ್ಮಿಸಿ ಪ್ರತಿವರ್ಷ ನೂರಾರು ಗೌರಿ ಗಣೇಶನ ಮೂರ್ತಿಗಳನ್ನು ಮಾಡಿ ಮಾರಾಟ ಮಾಡಿ ಗಮನ ಸೆಳೆಯುತ್ತಿದ್ದಾರೆ. ಬೆಂಗಳೂರು, ಹಿರಿಯೂರು, ಶ್ರೀರಾಂಪುರ ಸೇರಿದಂತೆ ಅನೇಕ ಊರುಗಳಿಗೂ ನೂರಾರು ಮೂರ್ತಿಗಳನ್ನು ಮಾಡಿ ಕಳುಹಿಸಿಕೊಡುತ್ತಿದ್ದಾರೆ. ತಂದೆಯ ಬಳುವಳಿಯಾಗಿ ಬಂದ ಮೂರ್ತಿಗಳನ್ನು ತಯಾರಿಸುವ ಕಾಯಕದಿಂದ ಇವರು ಜೀವನ ಸಾಗಿಸುತ್ತಿದ್ದಾರೆ. ಬಸವ ಜಯಂತಿಯಿಂದ ಕುಟುಂಬದವರೆಲ್ಲಾ

ಹಬ್ಬಕ್ಕೆ ಒಂದು ತಿಂಗಳು ಇರುವಾಗಲೇ ಅಧಿಕಾರಿಗಳು ಪಿಒಪಿ ಮೂರ್ತಿ ಮಾರಾಟಕ್ಕೆ ಅವಕಾಶ ನೀಡುವುದಿಲ್ಲ ಎಂದು ತಿಳಿಸುತ್ತಾರೆ. ಆದರೆ, ಕಡೆಗೆ ಕೆಲವರು ಪಿಒಪಿ, ರಾಸಾಯನಿಕ ಬಣ್ಣ ಲೇಪಿತ ಗಣೇಶ ಮೂರ್ತಿಗಳ ಮಾರಾಟ ಅಧಿಕಾರಿಗಳ ಕಣ್ಣು ತಪ್ಪಿಸಿ ಎಗ್ಗಿಲ್ಲದೇ ನಡೆಯುತ್ತದೆ. ಇವುಗಳನ್ನು ಪತ್ತೆ ಮಾಡಲು ಅಧಿಕಾರಿಗಳು ಯಾವುದೇ ಕ್ರಮ ಕೈಗೊಳ್ಳುವುದಿಲ್ಲ. ಅವುಗಳನ್ನು ಪ್ರತಿಷ್ಠಾಪಿಸಿ, ಪೂಜೆ ಸಲ್ಲಿಸಿ ಸುಸೂತ್ರವಾಗಿ ವಿಸರ್ಜನೆ ಮಾಡಿದರೂ ಯಾರೂ ಕ್ರಮ ಕೈಗೊಳ್ಳುವುದಿಲ್ಲ. ಇದರಿಂದ ಪರಿಸರ ಸ್ನೇಹಿ ಮೂರ್ತಿ ತಯಾರಿಕರ ಮೇಲೆ ಆರ್ಥಿಕ ಪೆಟ್ಟು ಬೀಳುತ್ತಿದೆ.
ಪ್ರಕಾಶ್, ಮೂರ್ತಿ ತಯಾರಕರು, ಹುಳಿಯಾರು
ಮಣ್ಣಿನ ಗಣಪತಿ ಎಂದರೆ ಕೇವಲ ಮೂರ್ತಿಯಲ್ಲ. ಅದು ಪರಿಸರಸ್ನೇಹಿಯೂ ಆಗಿರಬೇಕು. ಪ್ರಕೃತಿಯನ್ನು ಕಾಪಾಡುವ ಹೊಣೆಯನ್ನು ಪ್ರತಿಯೊಬ್ಬರೂ ಹೊರಬೇಕು. ಹಾಗಾಗಿ ಪಿಒಪಿ ಗಣಪತಿ ಬದಲಿಗೆ ಪರಿಸರ ಸ್ನೇಹಿ ಗಣಪಿಯನ್ನು ಪ್ರತಿಷ್ಠಾಪಿಸಬೇಕು. ಜೊತೆಗೆ ಸ್ಥಳೀಯ ಮೂರ್ತಿ ತಯಾರಕರನ್ನೂ ಉಳಿಸಬೇಕಿದೆ. ಈ ನಿಟ್ಟಿನಲ್ಲಿ ಕಳೆದ ಮೂರು ವರ್ಷಗಳಿಂದ ಪ್ರಕಾಶ್ ಅವರಿಂದಲೇ ಗಣಪತಿಯನ್ನು ಖರೀದಿಸುತ್ತೇವೆ.
ಚನ್ನಕೇಶವಮೂರ್ತಿ, ನಾಯಿಗೆರೆ, ಹೊಸದುರ್ಗ ತಾಲೂಕು
ಮೂರ್ತಿ ತಯಾರಿಕೆ ಪ್ರಾರಂಭಿಸುತ್ತಾರೆ. ಇಟ್ಟಿಗೆ ಕಾರ್ಖಾನೆಗಳು ಸ್ಥಳ ಮಣ್ಣನ್ನು ದೋಚಿ ಖಾಲಿ ಮಾಡಿರುವುದರಿಂದ ಮೂವತ್ತು ನಲವತ್ತು ಕಿಮೀ ದೂರದಿಂದ ಜೇಡಿ ಮಣ್ಣನ್ನು ತಂದು ಹದ ಮಾಡಿ ತರಹೇವಾರಿ ಮಾದರಿಯ ಮೂರ್ತಿಗಳನ್ನು
ತಯಾರಿಸುತ್ತಾರೆ. ಕೆಮಿಕಲ್ ಬಣ್ಣ ಬಳಸದೆ ವಾಟರ್ ಪೇಂಟ್ ಬಳಸಿ ಪರಿಸರಕ್ಕೆ ಪೂರಕ ಮೂರ್ತಿಗಳನ್ನು ತಯಾರಿಸುತ್ತಾರೆ. ಹಾಗಾಗಿಯೇ ಅನೇಕ ಹಳ್ಳಿಗಳ ಜನರು ಮೊದಲೇ ಇಂತಹ ಗಣಪ ಬೇಕೆಂದು ಆರ್ಡರ್ ಕೊಟ್ಟು ಮಾಡಿಸಿಕೊಂಡು

ಹೋಗುತ್ತಾರೆ ಮಣ್ಣಿನ ಗಣಪತಿ ತಯಾರಕರಿಗೆ ಪಿಒಪಿ ಗಣಪತಿಗಳು ಆರ್ಥಿಕ ಪೆಟ್ಟು ಕೊಟ್ಟಂತೆ ಇವರಿಗೂ ಸಹ ಕಳೆದ ಮೂರ್ನಾಲ್ಕು ವರ್ಷದಿಂದ ಕೊಟ್ಟಿದೆ. ಹಾಗಾಂತ ಪಿಒಪಿ ಗಣಪನ ತಯಾರಿಕೆಗೆ ಮುಂದಾಗದೆ ಪಿಒಪಿ ಮೀರಿಸುವ ಸಾಂಪ್ರದಾಯಿಕ ಶೈಲಿಯಲ್ಲಿ ನೈಸರ್ಗಿಕ ಮೂರ್ತಿ ಆಕರ್ಷಕ ಗಣಪನನ್ನು ಮಾಡಿ ಕಣ್ಮನ ಸೆಳೆಯುತ್ತಿದ್ದಾರೆ. ಅಲ್ಲದೆ ತಮ್ಮ ಬಳಿ ಗಣಪತಿ ಮೂರ್ತಿ ಖರಿದಿಸಲು ಬರುವವರಿಗೆ ಪಿಒಪಿ ಗಣಪನ ಬಳಕೆಯಿಂದಾಗುವ ದುಷ್ಪರಿಣಾಮದ ಬಗ್ಗೆ ತಿಳಿಹೇಳುವ ಮೂಲಕ ಪರಿಸರ ಸಂರಕ್ಷಣೆ ಜಾಗೃತಿಯಲ್ಲೂ ತೊಡಗಿದ್ದಾರೆ. ಪ್ರತಿ ವರ್ಷದಂತೆ ಈ ವರ್ಷವೂ ಪರಿಸರ ಸ್ನೇಹಿ ಗಣೇಶ ಮೂರ್ತಿಗಳನ್ನು ಹೆಚ್ಚಾಗಿ ತಯಾರು ಮಾಡಿ ಮಾರುಕಟ್ಟೆಗೆ ಕಳುಹಿಸಿಕೊಟ್ಟಿದ್ದಾರೆ.

ಪ್ರಕಾಶ್ ಶೆಡ್ ಬಳಿ ವ್ಯಾಪಾರ ಮಾಡಿದರೆ, ಹುಳಿಯಾರು ಪಟ್ಟಣದಲ್ಲಿ ಅವರ ಕುಟುಂಬದವರು ವ್ಯಾಪಾರ ಮಾಡುತ್ತಾರೆ. ಕಳೆದ ವರ್ಷ ಪಿಒಪಿ ಗಣಪನ ಹಾವಳಿಯಿಂದ ಲಕ್ಷಾಂತರ ರೂ. ಬೆಲೆಯ ಮಣ್ಣಿನ ಗಣಪಿಗಳು ಉಳಿದು ನಷ್ಟವಾಗಿತ್ತಂತೆ

ಈ ವರ್ಷವಾದರೂ ತಯಾರಾದ ಮೂರ್ತಿಗಳೆಲ್ಲವೂ ಮಾರಾಟವಾಗಿ ಒಳ್ಳೆಯ ಲಾಭ ಬಂದು ಮೂರ್ತಿ ತಯಾರಿಕೆಯ ಕೌಶಲ್ಯ ಮುಂದುವರಿಸುವಂತಾಗಲಿ ಎಂದು ಹಾರೈಸೋಣ. ಪ್ರಕಾಶ್ ಅವರ ಮೊಬೈಲ್ ನಂಬರ್ 7259158999.
